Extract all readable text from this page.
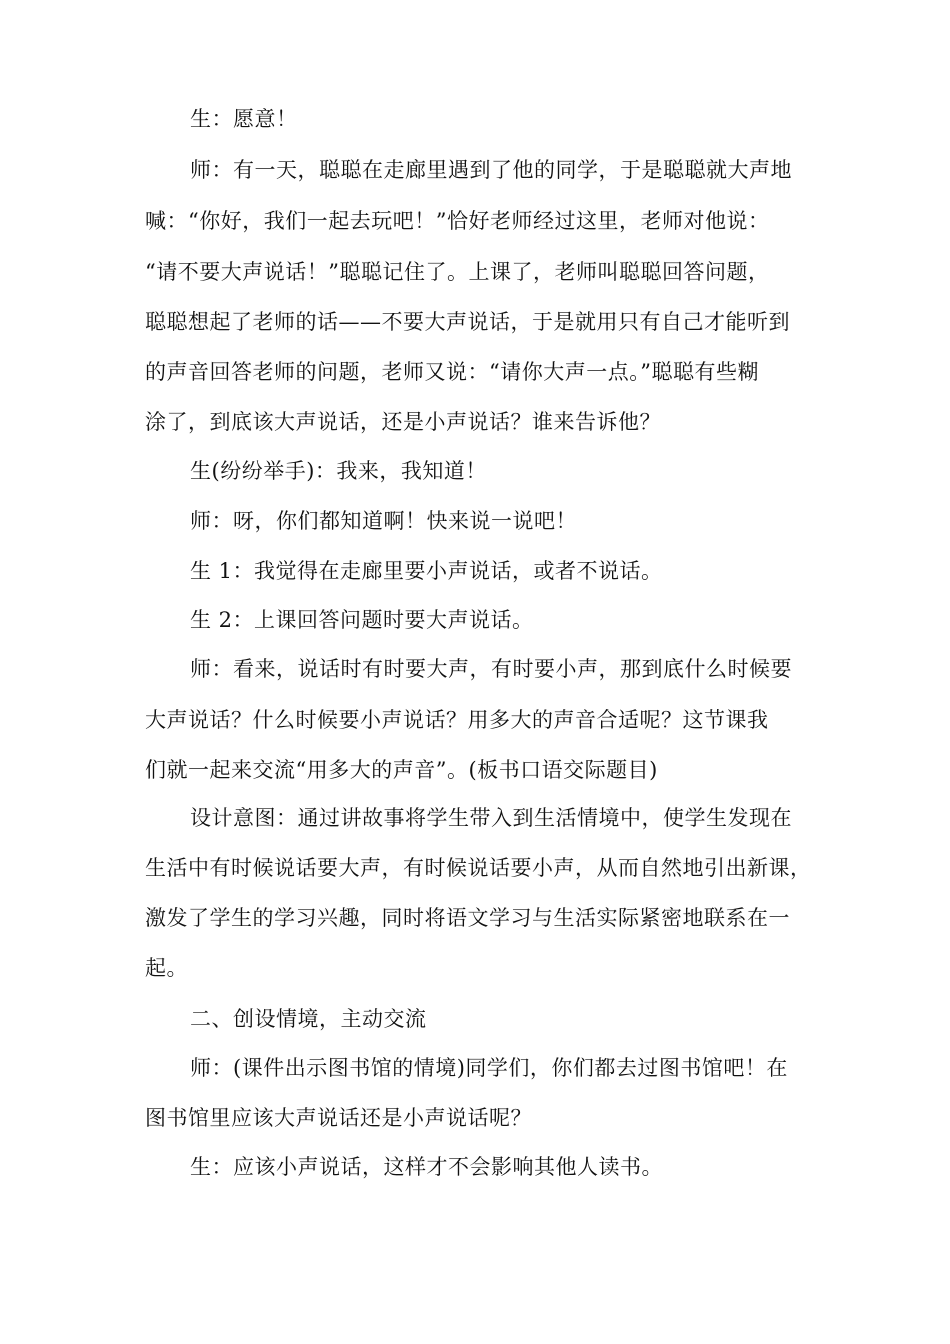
生：愿意！
师：有一天，聪聪在走廊里遇到了他的同学，于是聪聪就大声地
喊：“你好，我们一起去玩吧！”恰好老师经过这里，老师对他说：
“请不要大声说话！”聪聪记住了。上课了，老师叫聪聪回答问题，
聪聪想起了老师的话——不要大声说话，于是就用只有自己才能听到
的声音回答老师的问题，老师又说：“请你大声一点。”聪聪有些糊
涂了，到底该大声说话，还是小声说话？谁来告诉他？
生(纷纷举手)：我来，我知道！
师：呀，你们都知道啊！快来说一说吧！
生 1：我觉得在走廊里要小声说话，或者不说话。
生 2：上课回答问题时要大声说话。
师：看来，说话时有时要大声，有时要小声，那到底什么时候要
大声说话？什么时候要小声说话？用多大的声音合适呢？这节课我
们就一起来交流“用多大的声音”。(板书口语交际题目)
设计意图：通过讲故事将学生带入到生活情境中，使学生发现在
生活中有时候说话要大声，有时候说话要小声，从而自然地引出新课，
激发了学生的学习兴趣，同时将语文学习与生活实际紧密地联系在一
起。
二、创设情境，主动交流
师：(课件出示图书馆的情境)同学们，你们都去过图书馆吧！在
图书馆里应该大声说话还是小声说话呢？
生：应该小声说话，这样才不会影响其他人读书。
